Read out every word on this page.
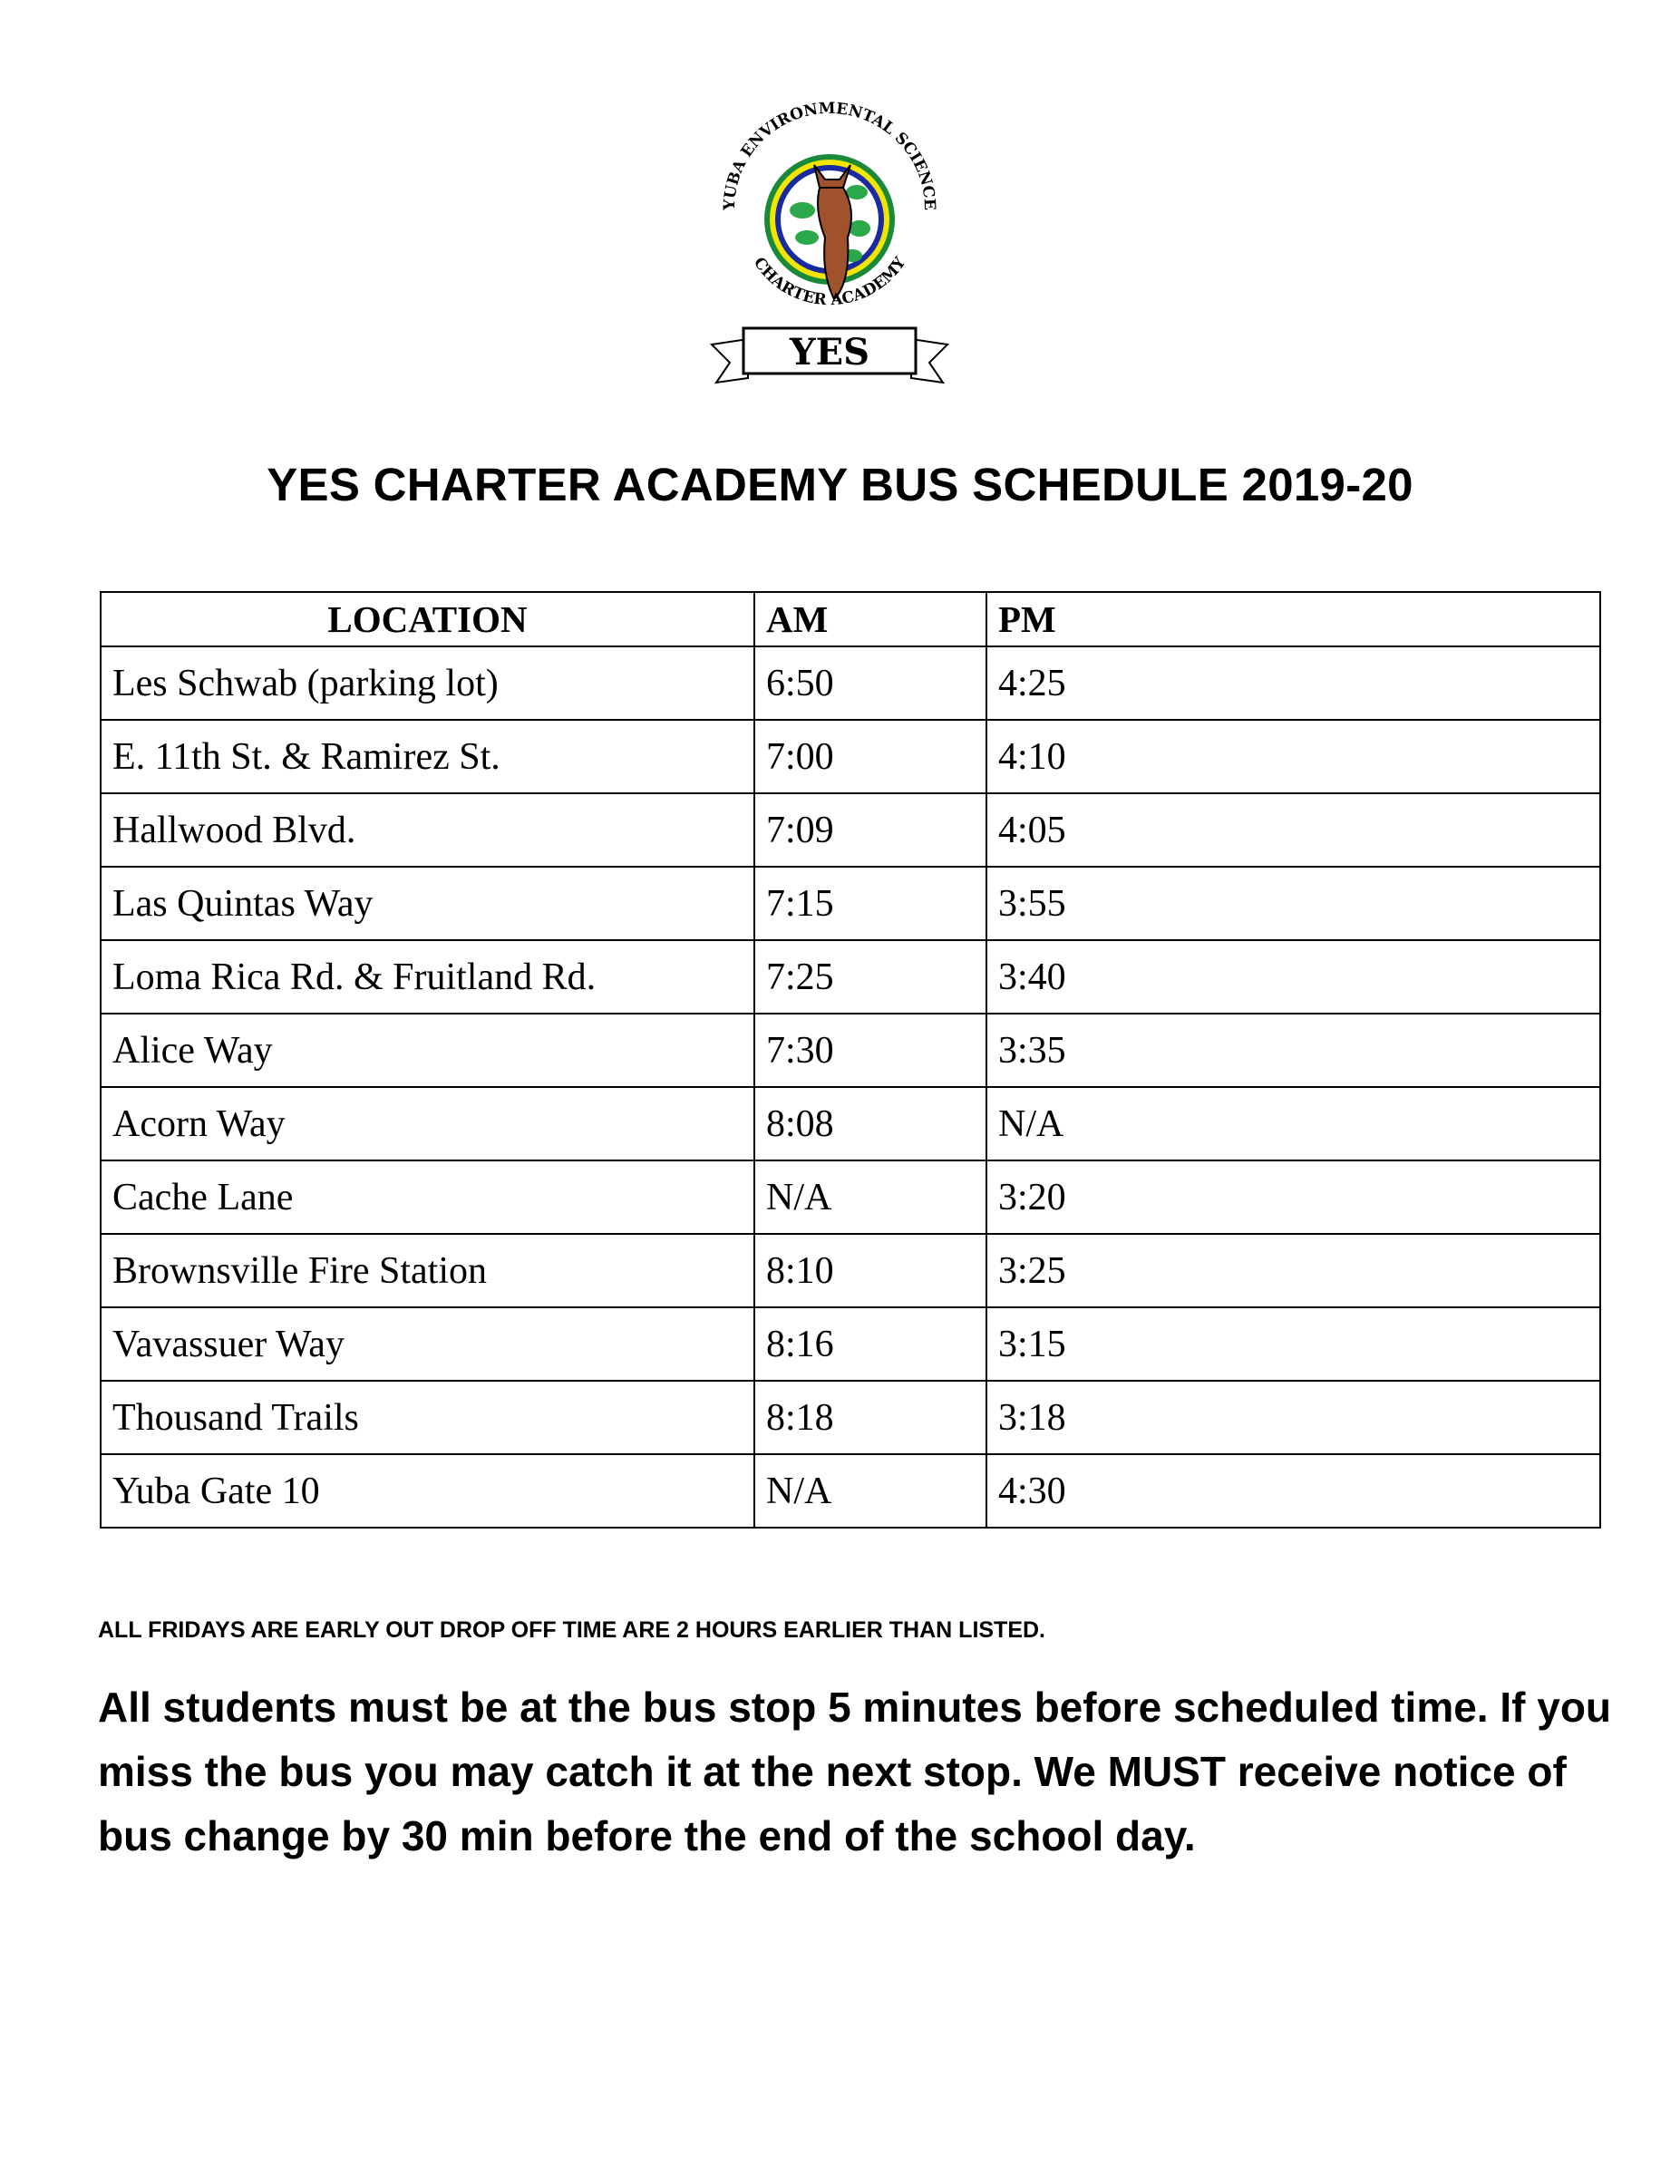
YUBA ENVIRONMENTAL SCIENCE
CHARTER ACADEMY
YES
YES CHARTER ACADEMY BUS SCHEDULE 2019-20
LOCATION	AM	PM
Les Schwab (parking lot)	6:50	4:25
E. 11th St. & Ramirez St.	7:00	4:10
Hallwood Blvd.	7:09	4:05
Las Quintas Way	7:15	3:55
Loma Rica Rd. & Fruitland Rd.	7:25	3:40
Alice Way	7:30	3:35
Acorn Way	8:08	N/A
Cache Lane	N/A	3:20
Brownsville Fire Station	8:10	3:25
Vavassuer Way	8:16	3:15
Thousand Trails	8:18	3:18
Yuba Gate 10	N/A	4:30
ALL FRIDAYS ARE EARLY OUT DROP OFF TIME ARE 2 HOURS EARLIER THAN LISTED.
All students must be at the bus stop 5 minutes before scheduled time. If you miss the bus you may catch it at the next stop. We MUST receive notice of bus change by 30 min before the end of the school day.
